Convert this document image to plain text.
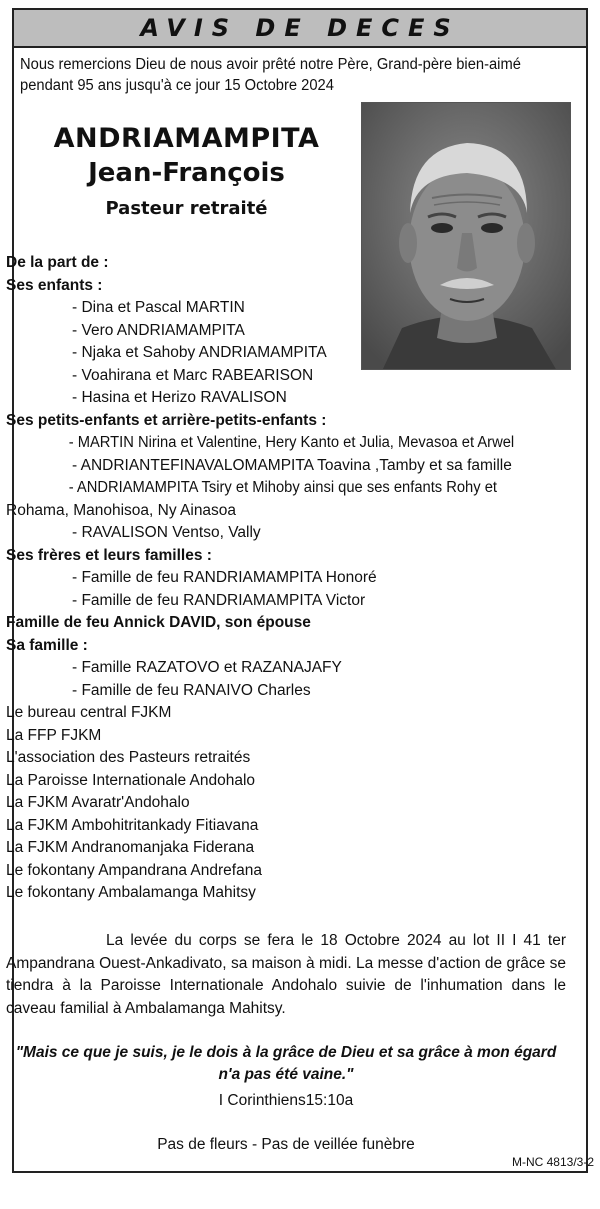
AVIS DE DECES
Nous remercions Dieu de nous avoir prêté notre Père, Grand-père bien-aimé pendant 95 ans jusqu'à ce jour 15 Octobre 2024
ANDRIAMAMPITA
Jean-François
Pasteur retraité
De la part de :
Ses enfants :
- Dina et Pascal MARTIN
- Vero ANDRIAMAMPITA
- Njaka et Sahoby ANDRIAMAMPITA
- Voahirana et Marc RABEARISON
- Hasina et Herizo RAVALISON
Ses petits-enfants et arrière-petits-enfants :
- MARTIN Nirina et Valentine, Hery Kanto et Julia, Mevasoa et Arwel
- ANDRIANTEFINAVALOMAMPITA Toavina ,Tamby et sa famille
- ANDRIAMAMPITA Tsiry et Mihoby ainsi que ses enfants Rohy et
Rohama, Manohisoa, Ny Ainasoa
- RAVALISON Ventso, Vally
Ses frères et leurs familles :
- Famille de feu RANDRIAMAMPITA Honoré
- Famille de feu RANDRIAMAMPITA Victor
Famille de feu Annick DAVID, son épouse
Sa famille :
- Famille RAZATOVO et RAZANAJAFY
- Famille de feu RANAIVO Charles
Le bureau central FJKM
La FFP FJKM
L'association des Pasteurs retraités
La Paroisse Internationale Andohalo
La FJKM Avaratr'Andohalo
La FJKM Ambohitritankady Fitiavana
La FJKM Andranomanjaka Fiderana
Le fokontany Ampandrana Andrefana
Le fokontany Ambalamanga Mahitsy
La levée du corps se fera le 18 Octobre 2024 au lot II I 41 ter Ampandrana Ouest-Ankadivato, sa maison à midi. La messe d'action de grâce se tiendra à la Paroisse Internationale Andohalo suivie de l'inhumation dans le caveau familial à Ambalamanga Mahitsy.
"Mais ce que je suis, je le dois à la grâce de Dieu et sa grâce à mon égard n'a pas été vaine."
I Corinthiens15:10a
Pas de fleurs - Pas de veillée funèbre
M-NC 4813/3-2
